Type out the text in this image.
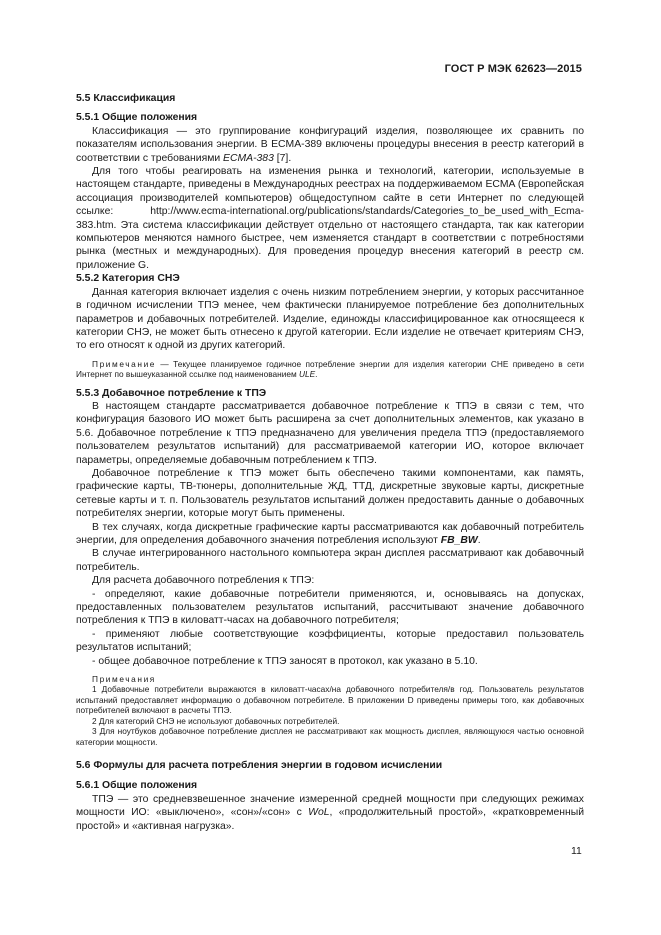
ГОСТ Р МЭК 62623—2015
5.5 Классификация
5.5.1 Общие положения

Классификация — это группирование конфигураций изделия, позволяющее их сравнить по показателям использования энергии. В ECMA-389 включены процедуры внесения в реестр категорий в соответствии с требованиями ECMA-383 [7].

Для того чтобы реагировать на изменения рынка и технологий, категории, используемые в настоящем стандарте, приведены в Международных реестрах на поддерживаемом ECMA (Европейская ассоциация производителей компьютеров) общедоступном сайте в сети Интернет по следующей ссылке: http://www.ecma-international.org/publications/standards/Categories_to_be_used_with_Ecma-383.htm. Эта система классификации действует отдельно от настоящего стандарта, так как категории компьютеров меняются намного быстрее, чем изменяется стандарт в соответствии с потребностями рынка (местных и международных). Для проведения процедур внесения категорий в реестр см. приложение G.

5.5.2 Категория СНЭ

Данная категория включает изделия с очень низким потреблением энергии, у которых рассчитанное в годичном исчислении ТПЭ менее, чем фактически планируемое потребление без дополнительных параметров и добавочных потребителей. Изделие, единожды классифицированное как относящееся к категории СНЭ, не может быть отнесено к другой категории. Если изделие не отвечает критериям СНЭ, то его относят к одной из других категорий.

Примечание — Текущее планируемое годичное потребление энергии для изделия категории СНЕ приведено в сети Интернет по вышеуказанной ссылке под наименованием ULE.
5.5.3 Добавочное потребление к ТПЭ

В настоящем стандарте рассматривается добавочное потребление к ТПЭ в связи с тем, что конфигурация базового ИО может быть расширена за счет дополнительных элементов, как указано в 5.6. Добавочное потребление к ТПЭ предназначено для увеличения предела ТПЭ (предоставляемого пользователем результатов испытаний) для рассматриваемой категории ИО, которое включает параметры, определяемые добавочным потреблением к ТПЭ.

Добавочное потребление к ТПЭ может быть обеспечено такими компонентами, как память, графические карты, ТВ-тюнеры, дополнительные ЖД, ТТД, дискретные звуковые карты, дискретные сетевые карты и т. п. Пользователь результатов испытаний должен предоставить данные о добавочных потребителях энергии, которые могут быть применены.

В тех случаях, когда дискретные графические карты рассматриваются как добавочный потребитель энергии, для определения добавочного значения потребления используют FB_BW.

В случае интегрированного настольного компьютера экран дисплея рассматривают как добавочный потребитель.

Для расчета добавочного потребления к ТПЭ:

- определяют, какие добавочные потребители применяются, и, основываясь на допусках, предоставленных пользователем результатов испытаний, рассчитывают значение добавочного потребления к ТПЭ в киловатт-часах на добавочного потребителя;

- применяют любые соответствующие коэффициенты, которые предоставил пользователь результатов испытаний;

- общее добавочное потребление к ТПЭ заносят в протокол, как указано в 5.10.

Примечания
1 Добавочные потребители выражаются в киловатт-часах/на добавочного потребителя/в год. Пользователь результатов испытаний предоставляет информацию о добавочном потребителе. В приложении D приведены примеры того, как добавочных потребителей включают в расчеты ТПЭ.
2 Для категорий СНЭ не используют добавочных потребителей.
3 Для ноутбуков добавочное потребление дисплея не рассматривают как мощность дисплея, являющуюся частью основной категории мощности.
5.6 Формулы для расчета потребления энергии в годовом исчислении
5.6.1 Общие положения

ТПЭ — это средневзвешенное значение измеренной средней мощности при следующих режимах мощности ИО: «выключено», «сон»/«сон» с WoL, «продолжительный простой», «кратковременный простой» и «активная нагрузка».

11
